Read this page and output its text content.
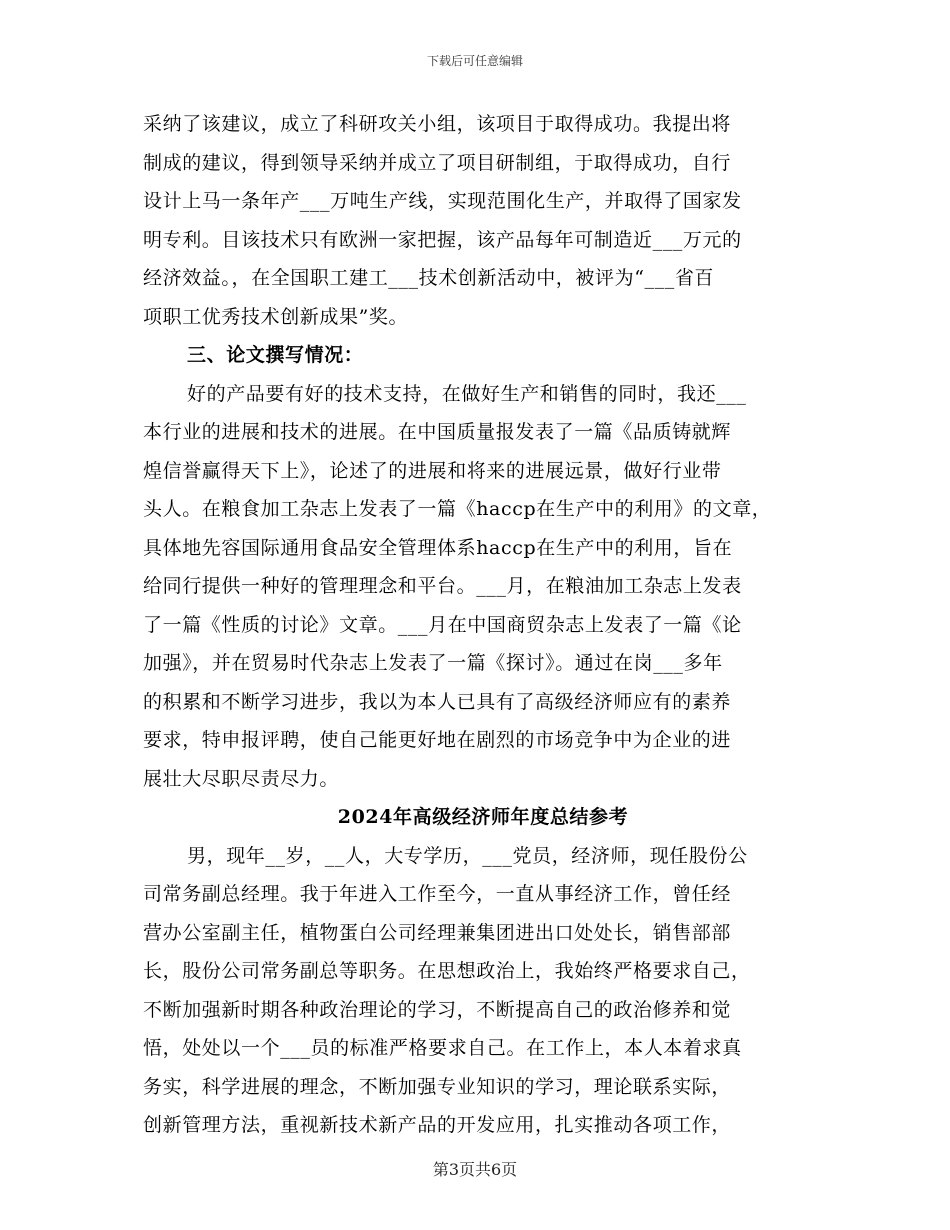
下载后可任意编辑
采纳了该建议，成立了科研攻关小组，该项目于取得成功。我提出将
制成的建议，得到领导采纳并成立了项目研制组，于取得成功，自行
设计上马一条年产___万吨生产线，实现范围化生产，并取得了国家发
明专利。目该技术只有欧洲一家把握，该产品每年可制造近___万元的
经济效益。，在全国职工建工___技术创新活动中，被评为“___省百
项职工优秀技术创新成果”奖。
三、论文撰写情况：
好的产品要有好的技术支持，在做好生产和销售的同时，我还___
本行业的进展和技术的进展。在中国质量报发表了一篇《品质铸就辉
煌信誉赢得天下上》，论述了的进展和将来的进展远景，做好行业带
头人。在粮食加工杂志上发表了一篇《haccp在生产中的利用》的文章，
具体地先容国际通用食品安全管理体系haccp在生产中的利用，旨在
给同行提供一种好的管理理念和平台。___月，在粮油加工杂志上发表
了一篇《性质的讨论》文章。___月在中国商贸杂志上发表了一篇《论
加强》，并在贸易时代杂志上发表了一篇《探讨》。通过在岗___多年
的积累和不断学习进步，我以为本人已具有了高级经济师应有的素养
要求，特申报评聘，使自己能更好地在剧烈的市场竞争中为企业的进
展壮大尽职尽责尽力。
2024年高级经济师年度总结参考
男，现年__岁，__人，大专学历，___党员，经济师，现任股份公
司常务副总经理。我于年进入工作至今，一直从事经济工作，曾任经
营办公室副主任，植物蛋白公司经理兼集团进出口处处长，销售部部
长，股份公司常务副总等职务。在思想政治上，我始终严格要求自己，
不断加强新时期各种政治理论的学习，不断提高自己的政治修养和觉
悟，处处以一个___员的标准严格要求自己。在工作上，本人本着求真
务实，科学进展的理念，不断加强专业知识的学习，理论联系实际，
创新管理方法，重视新技术新产品的开发应用，扎实推动各项工作，
第3页共6页
